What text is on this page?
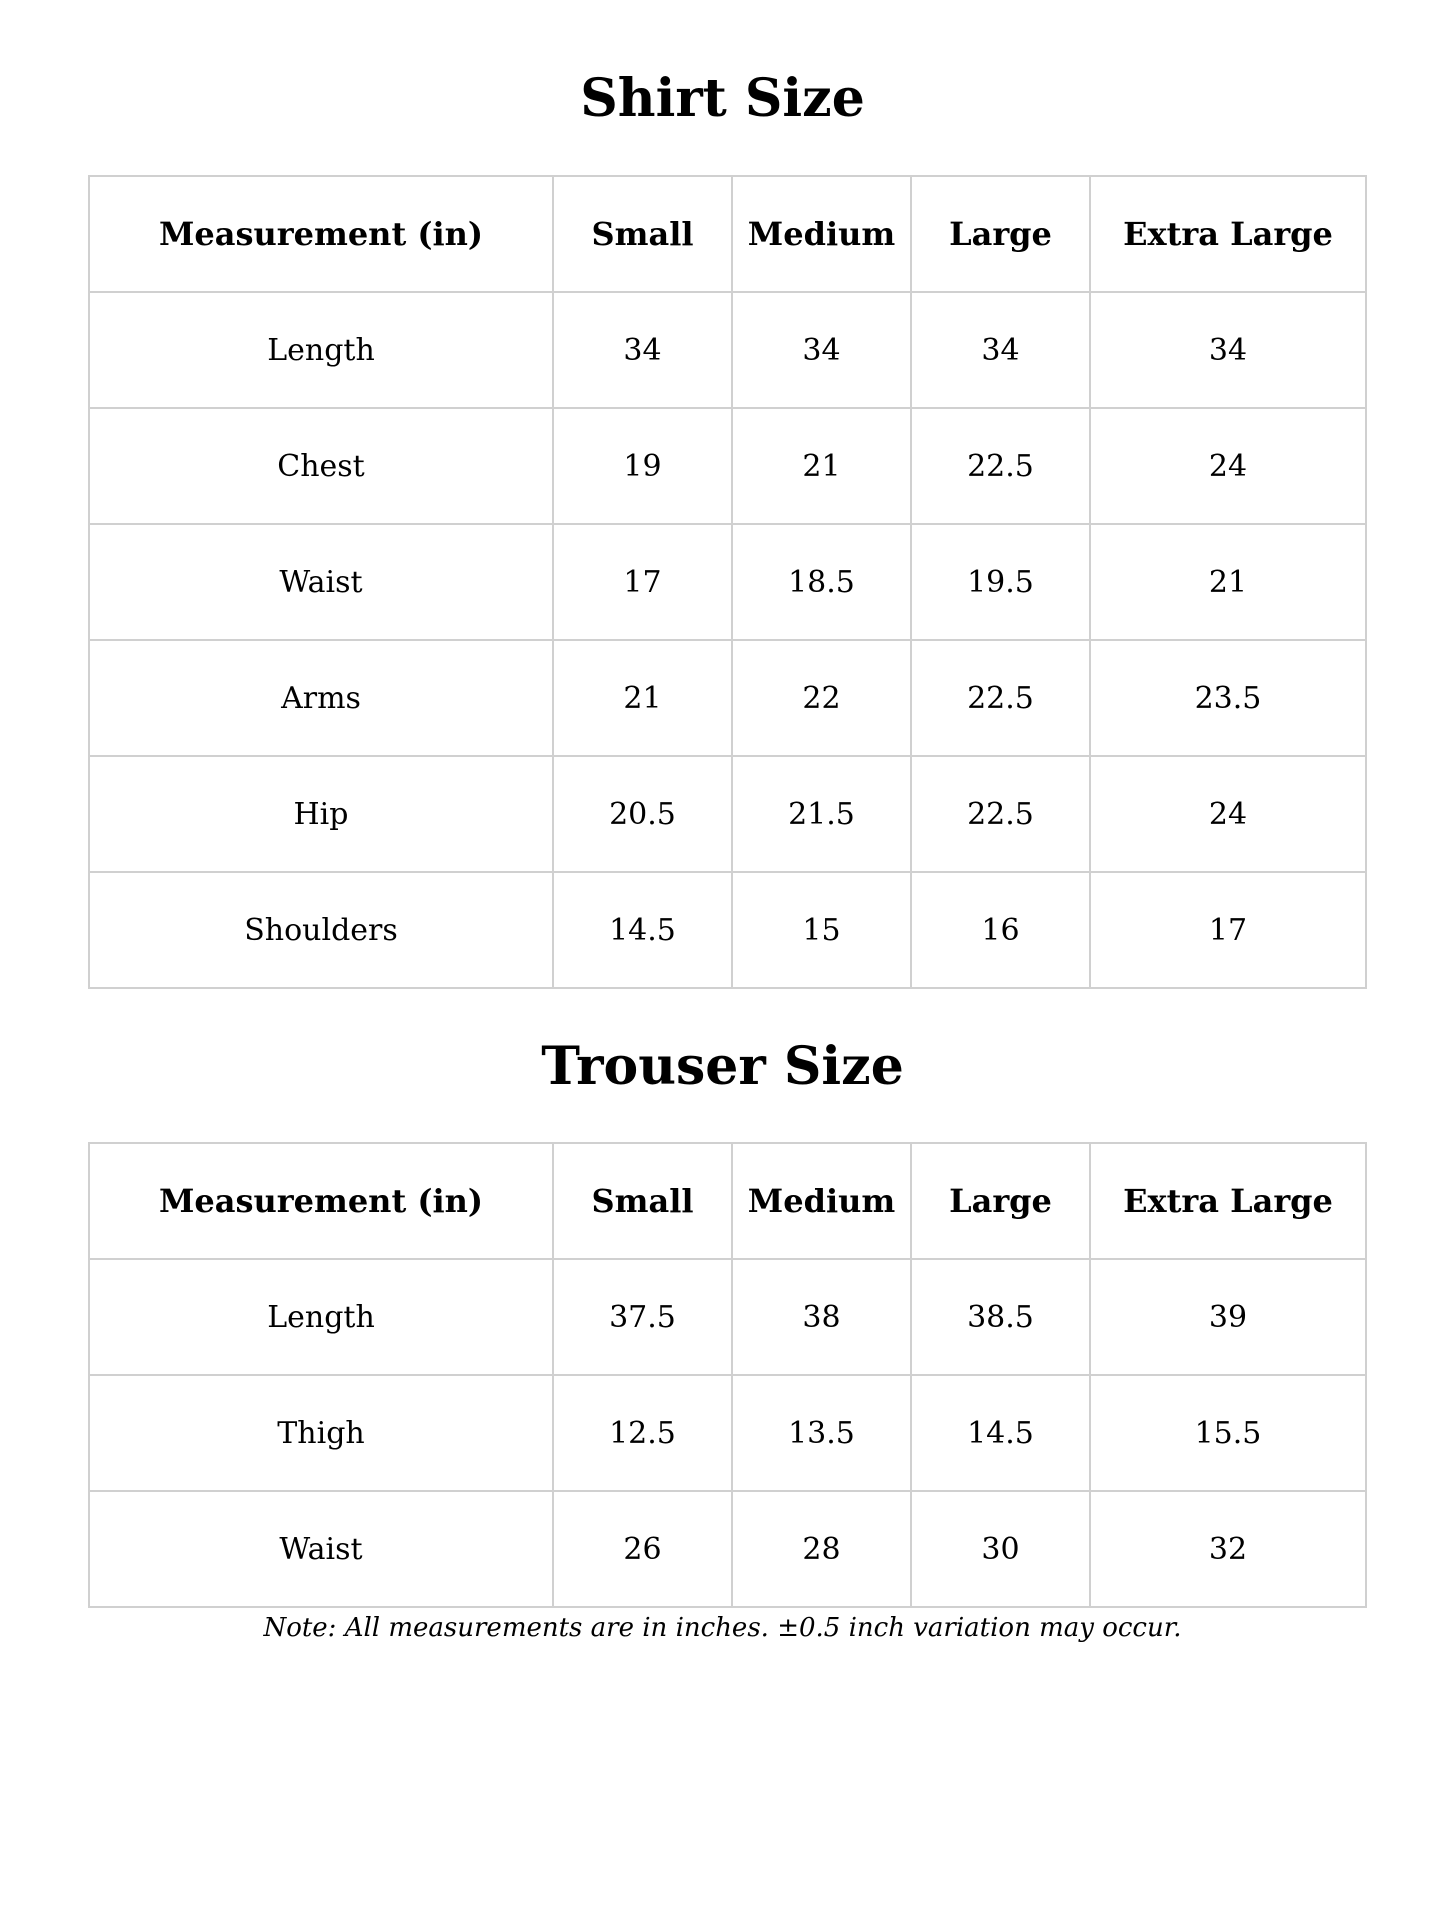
Shirt Size
Measurement (in)	Small	Medium	Large	Extra Large
Length	34	34	34	34
Chest	19	21	22.5	24
Waist	17	18.5	19.5	21
Arms	21	22	22.5	23.5
Hip	20.5	21.5	22.5	24
Shoulders	14.5	15	16	17
Trouser Size
Measurement (in)	Small	Medium	Large	Extra Large
Length	37.5	38	38.5	39
Thigh	12.5	13.5	14.5	15.5
Waist	26	28	30	32

Note: All measurements are in inches. ±0.5 inch variation may occur.
